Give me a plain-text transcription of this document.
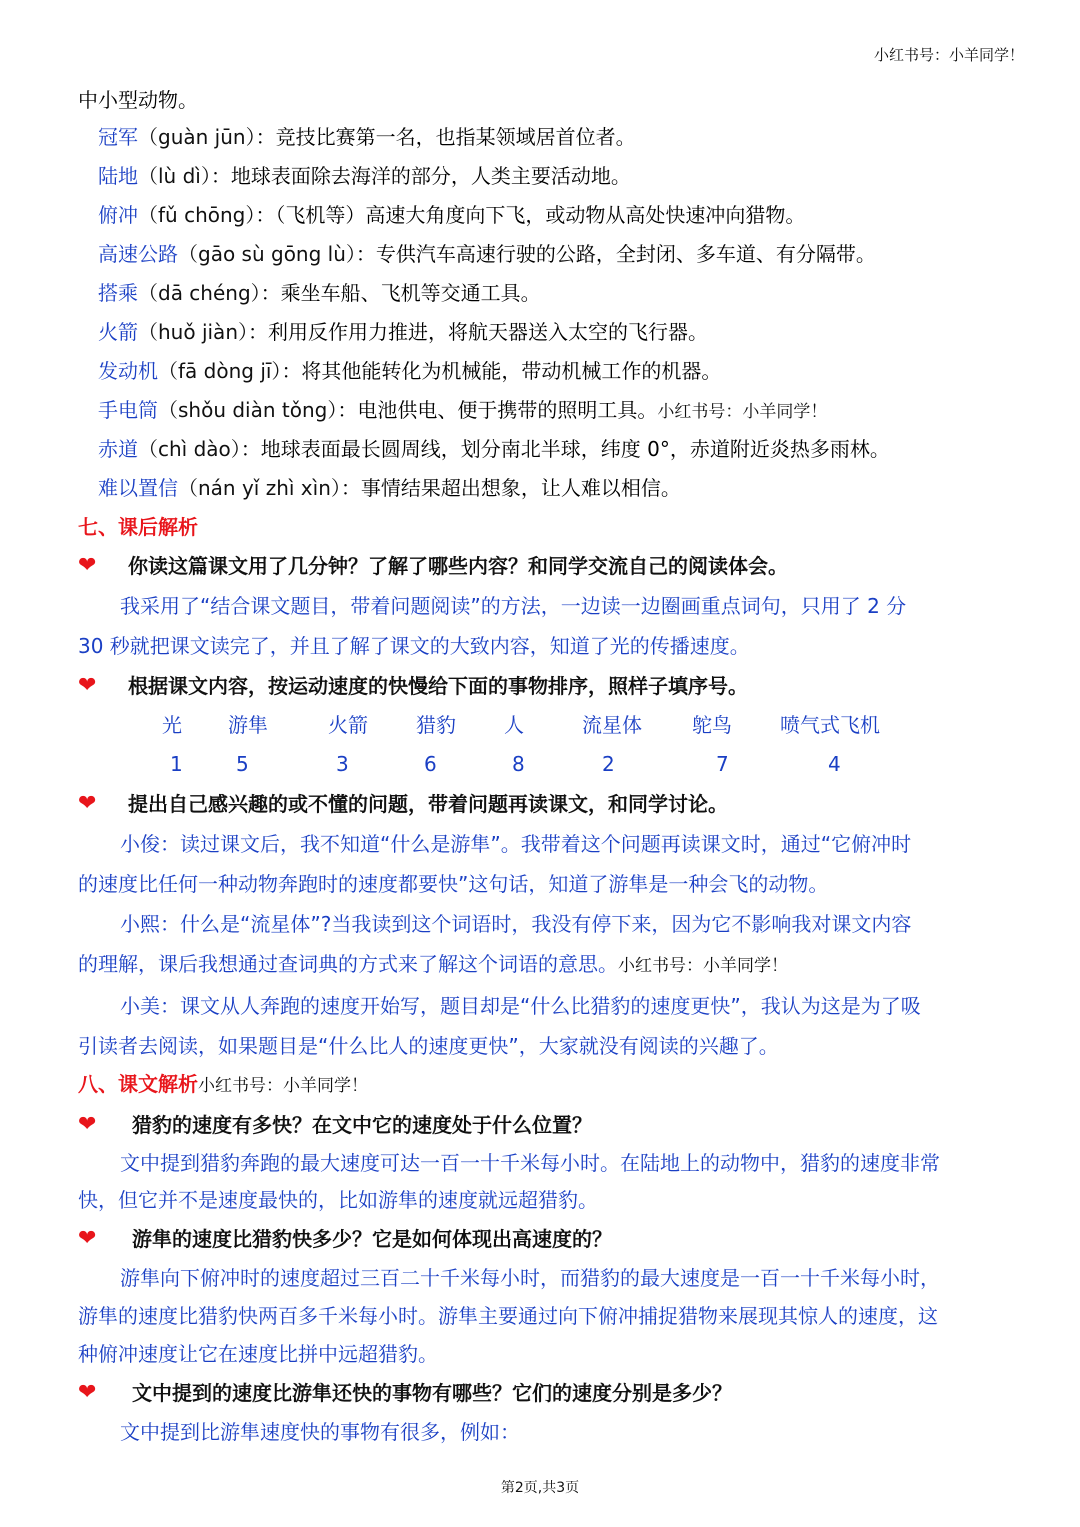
小红书号：小羊同学！
中小型动物。
冠军（guàn jūn）：竞技比赛第一名，也指某领域居首位者。
陆地（lù dì）：地球表面除去海洋的部分，人类主要活动地。
俯冲（fǔ chōng）：（飞机等）高速大角度向下飞，或动物从高处快速冲向猎物。
高速公路（gāo sù gōng lù）：专供汽车高速行驶的公路，全封闭、多车道、有分隔带。
搭乘（dā chéng）：乘坐车船、飞机等交通工具。
火箭（huǒ jiàn）：利用反作用力推进，将航天器送入太空的飞行器。
发动机（fā dòng jī）：将其他能转化为机械能，带动机械工作的机器。
手电筒（shǒu diàn tǒng）：电池供电、便于携带的照明工具。小红书号：小羊同学！
赤道（chì dào）：地球表面最长圆周线，划分南北半球，纬度 0°，赤道附近炎热多雨林。
难以置信（nán yǐ zhì xìn）：事情结果超出想象，让人难以相信。
七、课后解析
❤	你读这篇课文用了几分钟？了解了哪些内容？和同学交流自己的阅读体会。
我采用了“结合课文题目，带着问题阅读”的方法，一边读一边圈画重点词句，只用了 2 分
30 秒就把课文读完了，并且了解了课文的大致内容，知道了光的传播速度。
❤	根据课文内容，按运动速度的快慢给下面的事物排序，照样子填序号。
光	游隼	火箭	猎豹	人	流星体	鸵鸟	喷气式飞机
1	5	3	6	8	2	7	4
❤	提出自己感兴趣的或不懂的问题，带着问题再读课文，和同学讨论。
小俊：读过课文后，我不知道“什么是游隼”。我带着这个问题再读课文时，通过“它俯冲时
的速度比任何一种动物奔跑时的速度都要快”这句话，知道了游隼是一种会飞的动物。
小熙：什么是“流星体”?当我读到这个词语时，我没有停下来，因为它不影响我对课文内容
的理解，课后我想通过查词典的方式来了解这个词语的意思。小红书号：小羊同学！
小美：课文从人奔跑的速度开始写，题目却是“什么比猎豹的速度更快”，我认为这是为了吸
引读者去阅读，如果题目是“什么比人的速度更快”，大家就没有阅读的兴趣了。
八、课文解析小红书号：小羊同学！
❤	猎豹的速度有多快？在文中它的速度处于什么位置？
文中提到猎豹奔跑的最大速度可达一百一十千米每小时。在陆地上的动物中，猎豹的速度非常
快，但它并不是速度最快的，比如游隼的速度就远超猎豹。
❤	游隼的速度比猎豹快多少？它是如何体现出高速度的？
游隼向下俯冲时的速度超过三百二十千米每小时，而猎豹的最大速度是一百一十千米每小时，
游隼的速度比猎豹快两百多千米每小时。游隼主要通过向下俯冲捕捉猎物来展现其惊人的速度，这
种俯冲速度让它在速度比拼中远超猎豹。
❤	文中提到的速度比游隼还快的事物有哪些？它们的速度分别是多少？
文中提到比游隼速度快的事物有很多，例如：
第2页,共3页
